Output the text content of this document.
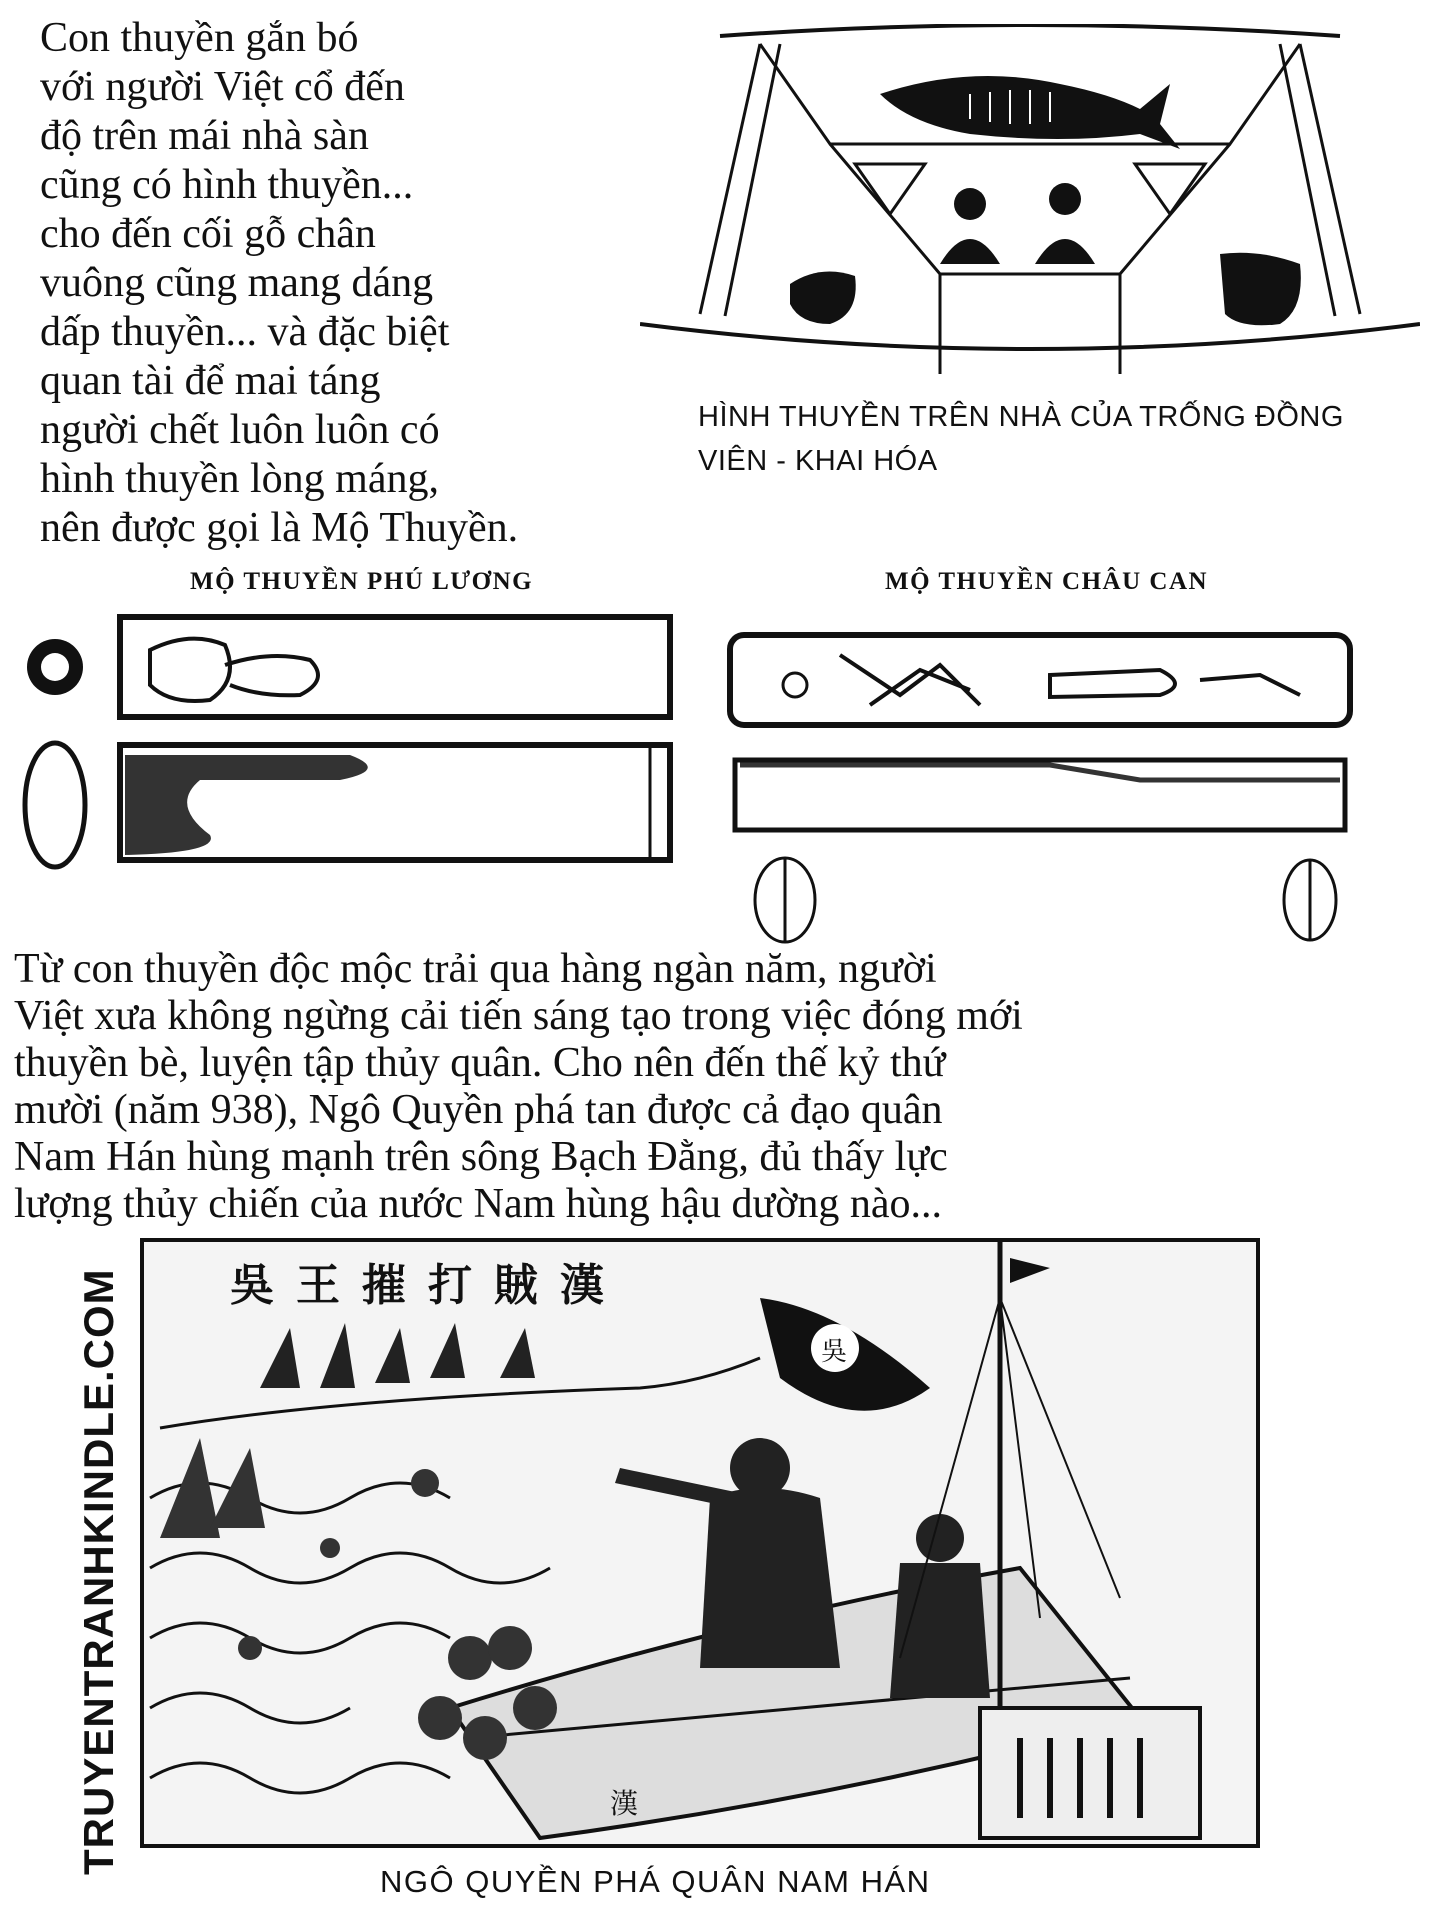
Con thuyền gắn bó
với người Việt cổ đến
độ trên mái nhà sàn
cũng có hình thuyền...
cho đến cối gỗ chân
vuông cũng mang dáng
dấp thuyền... và đặc biệt
quan tài để mai táng
người chết luôn luôn có
hình thuyền lòng máng,
nên được gọi là Mộ Thuyền.
HÌNH THUYỀN TRÊN NHÀ CỦA TRỐNG ĐỒNG
VIÊN - KHAI HÓA
MỘ THUYỀN PHÚ LƯƠNG	MỘ THUYỀN CHÂU CAN
Từ con thuyền độc mộc trải qua hàng ngàn năm, người
Việt xưa không ngừng cải tiến sáng tạo trong việc đóng mới
thuyền bè, luyện tập thủy quân. Cho nên đến thế kỷ thứ
mười (năm 938), Ngô Quyền phá tan được cả đạo quân
Nam Hán hùng mạnh trên sông Bạch Đằng, đủ thấy lực
lượng thủy chiến của nước Nam hùng hậu dường nào...
吳王摧打賊漢
吳
漢
TRUYENTRANHKINDLE.COM
NGÔ QUYỀN PHÁ QUÂN NAM HÁN
